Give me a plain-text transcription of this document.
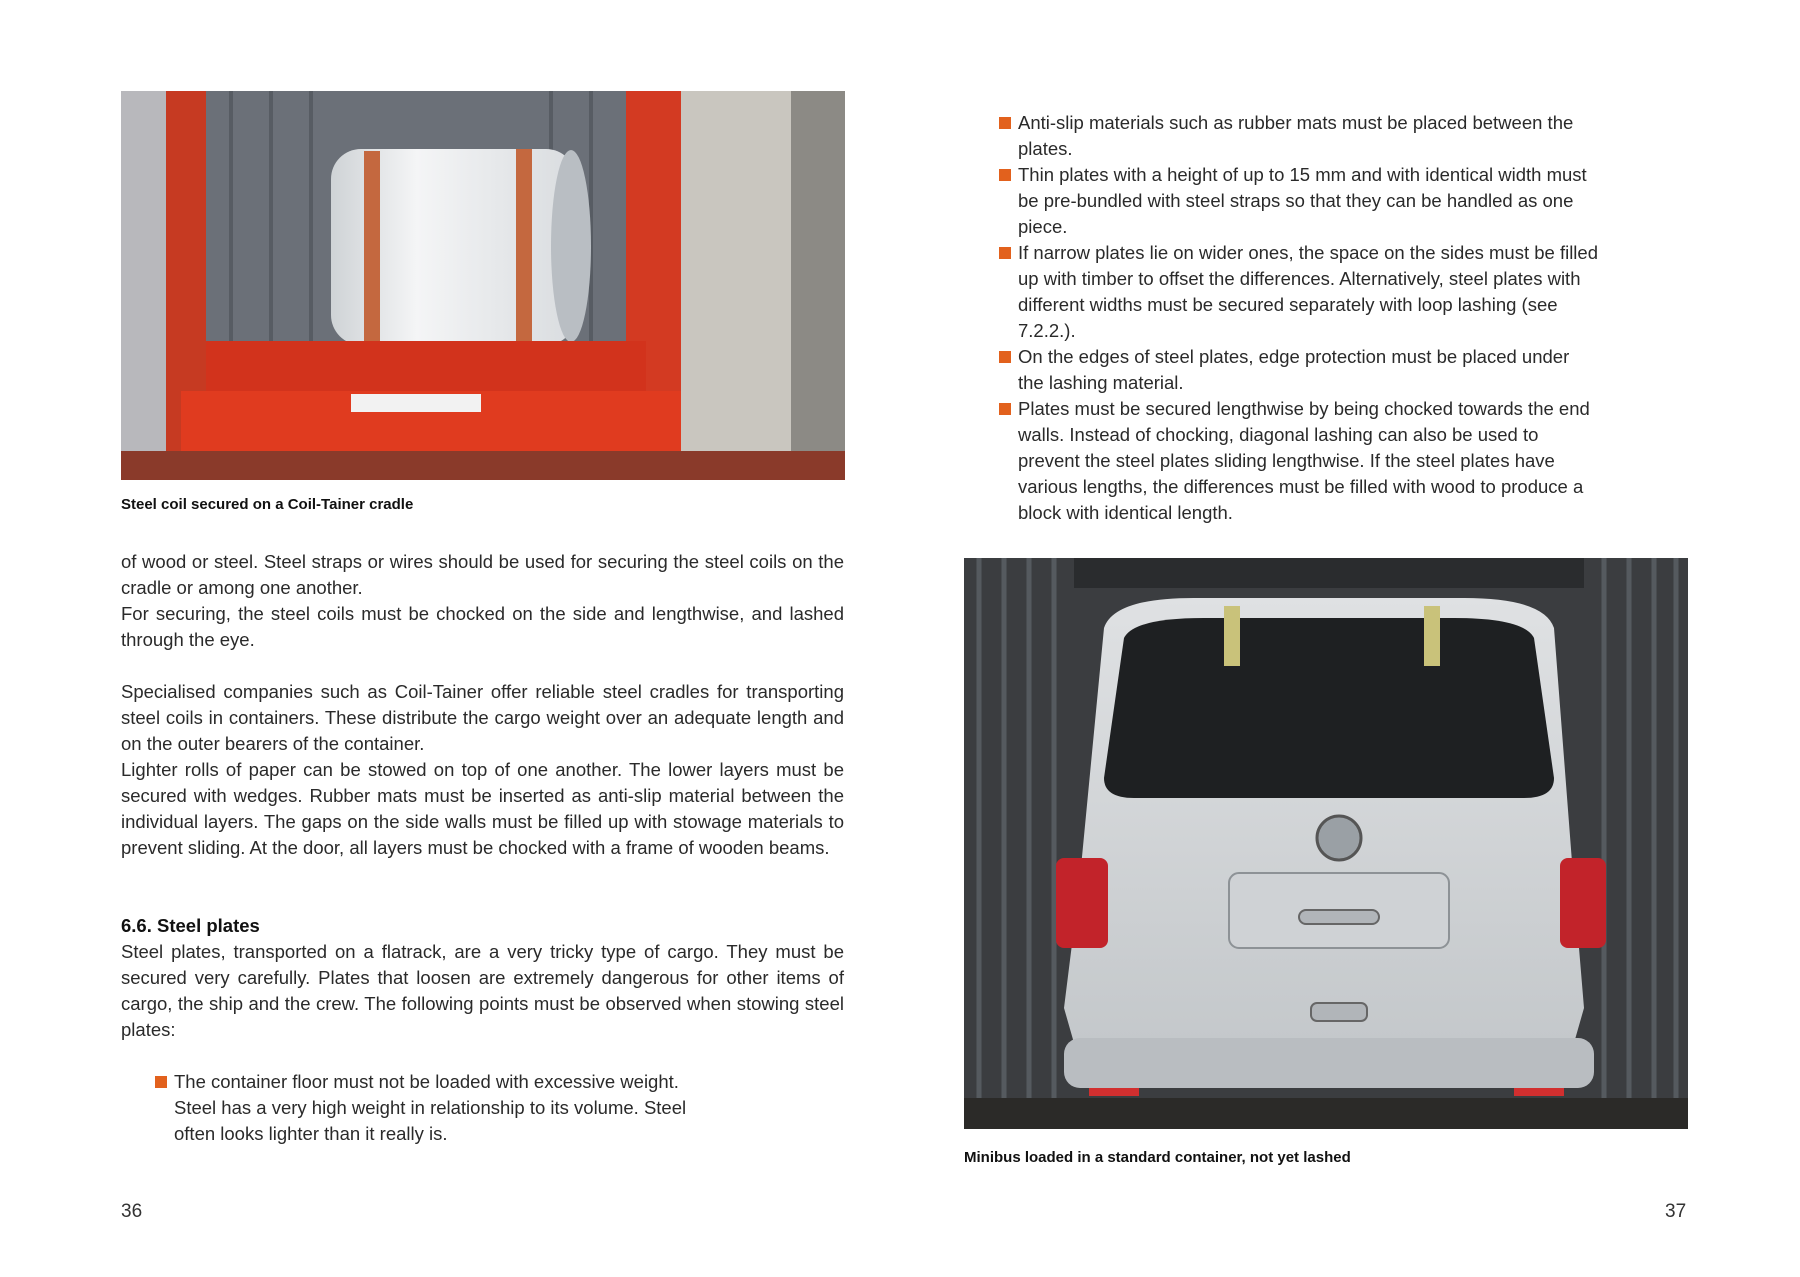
Steel coil secured on a Coil-Tainer cradle

of wood or steel. Steel straps or wires should be used for securing the steel coils on the cradle or among one another.

For securing, the steel coils must be chocked on the side and lengthwise, and lashed through the eye.

Specialised companies such as Coil-Tainer offer reliable steel cradles for transporting steel coils in containers. These distribute the cargo weight over an adequate length and on the outer bearers of the container.

Lighter rolls of paper can be stowed on top of one another. The lower layers must be secured with wedges. Rubber mats must be inserted as anti-slip material between the individual layers. The gaps on the side walls must be filled up with stowage materials to prevent sliding. At the door, all layers must be chocked with a frame of wooden beams.

6.6. Steel plates

Steel plates, transported on a flatrack, are a very tricky type of cargo. They must be secured very carefully. Plates that loosen are extremely dangerous for other items of cargo, the ship and the crew. The following points must be observed when stowing steel plates:

The container floor must not be loaded with excessive weight. Steel has a very high weight in relationship to its volume. Steel often looks lighter than it really is.
36
Anti-slip materials such as rubber mats must be placed between the plates.
Thin plates with a height of up to 15 mm and with identical width must be pre-bundled with steel straps so that they can be handled as one piece.
If narrow plates lie on wider ones, the space on the sides must be filled up with timber to offset the differences. Alternatively, steel plates with different widths must be secured separately with loop lashing (see 7.2.2.).
On the edges of steel plates, edge protection must be placed under the lashing material.
Plates must be secured lengthwise by being chocked towards the end walls. Instead of chocking, diagonal lashing can also be used to prevent the steel plates sliding lengthwise. If the steel plates have various lengths, the differences must be filled with wood to produce a block with identical length.
Minibus loaded in a standard container, not yet lashed
37
